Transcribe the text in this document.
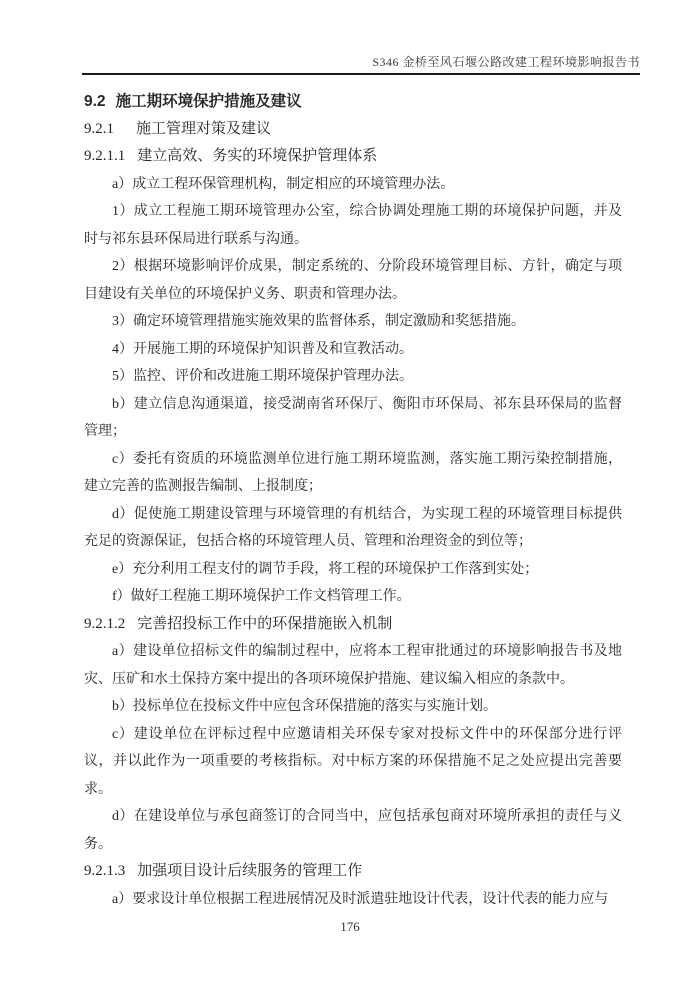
S346 金桥至风石堰公路改建工程环境影响报告书
9.2 施工期环境保护措施及建议
9.2.1 施工管理对策及建议
9.2.1.1 建立高效、务实的环境保护管理体系

a）成立工程环保管理机构，制定相应的环境管理办法。

1）成立工程施工期环境管理办公室，综合协调处理施工期的环境保护问题，并及时与祁东县环保局进行联系与沟通。

2）根据环境影响评价成果，制定系统的、分阶段环境管理目标、方针，确定与项目建设有关单位的环境保护义务、职责和管理办法。

3）确定环境管理措施实施效果的监督体系，制定激励和奖惩措施。

4）开展施工期的环境保护知识普及和宣教活动。

5）监控、评价和改进施工期环境保护管理办法。

b）建立信息沟通渠道，接受湖南省环保厅、衡阳市环保局、祁东县环保局的监督管理；

c）委托有资质的环境监测单位进行施工期环境监测，落实施工期污染控制措施，建立完善的监测报告编制、上报制度；

d）促使施工期建设管理与环境管理的有机结合，为实现工程的环境管理目标提供充足的资源保证，包括合格的环境管理人员、管理和治理资金的到位等；

e）充分利用工程支付的调节手段，将工程的环境保护工作落到实处；

f）做好工程施工期环境保护工作文档管理工作。

9.2.1.2 完善招投标工作中的环保措施嵌入机制

a）建设单位招标文件的编制过程中，应将本工程审批通过的环境影响报告书及地灾、压矿和水土保持方案中提出的各项环境保护措施、建议编入相应的条款中。

b）投标单位在投标文件中应包含环保措施的落实与实施计划。

c）建设单位在评标过程中应邀请相关环保专家对投标文件中的环保部分进行评议，并以此作为一项重要的考核指标。对中标方案的环保措施不足之处应提出完善要求。

d）在建设单位与承包商签订的合同当中，应包括承包商对环境所承担的责任与义务。

9.2.1.3 加强项目设计后续服务的管理工作

a）要求设计单位根据工程进展情况及时派遣驻地设计代表，设计代表的能力应与

176
